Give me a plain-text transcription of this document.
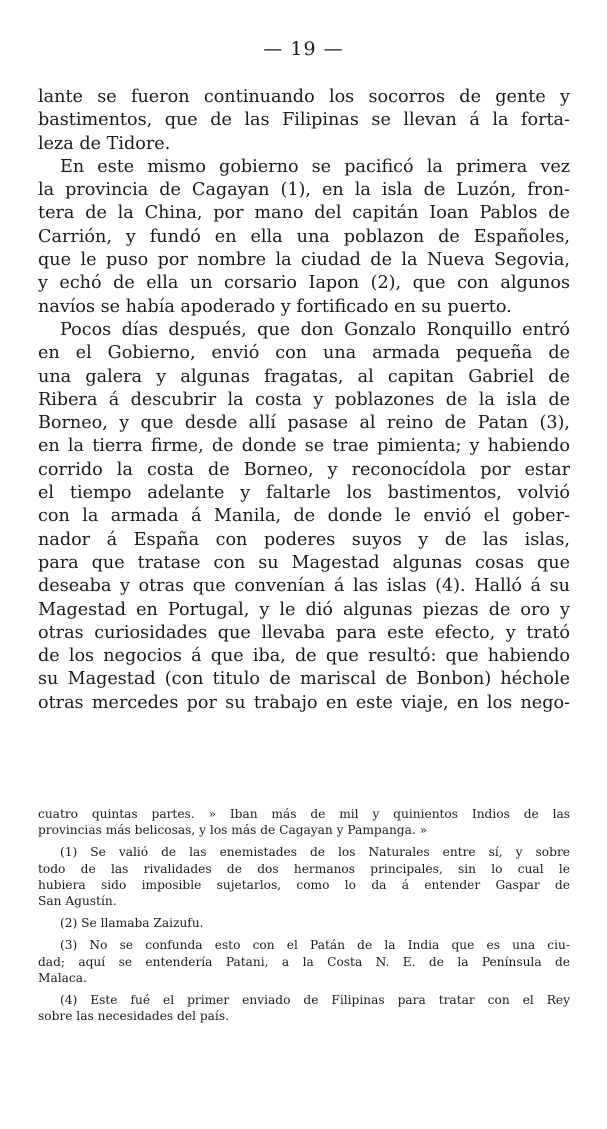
— 19 —
lante se fueron continuando los socorros de gente y
bastimentos, que de las Filipinas se llevan á la forta-
leza de Tidore.
En este mismo gobierno se pacificó la primera vez
la provincia de Cagayan (1), en la isla de Luzón, fron-
tera de la China, por mano del capitán Ioan Pablos de
Carrión, y fundó en ella una poblazon de Españoles,
que le puso por nombre la ciudad de la Nueva Segovia,
y echó de ella un corsario Iapon (2), que con algunos
navíos se había apoderado y fortificado en su puerto.
Pocos días después, que don Gonzalo Ronquillo entró
en el Gobierno, envió con una armada pequeña de
una galera y algunas fragatas, al capitan Gabriel de
Ribera á descubrir la costa y poblazones de la isla de
Borneo, y que desde allí pasase al reino de Patan (3),
en la tierra firme, de donde se trae pimienta; y habiendo
corrido la costa de Borneo, y reconocídola por estar
el tiempo adelante y faltarle los bastimentos, volvió
con la armada á Manila, de donde le envió el gober-
nador á España con poderes suyos y de las islas,
para que tratase con su Magestad algunas cosas que
deseaba y otras que convenían á las islas (4). Halló á su
Magestad en Portugal, y le dió algunas piezas de oro y
otras curiosidades que llevaba para este efecto, y trató
de los negocios á que iba, de que resultó: que habiendo
su Magestad (con titulo de mariscal de Bonbon) héchole
otras mercedes por su trabajo en este viaje, en los nego-
cuatro quintas partes. » Iban más de mil y quinientos Indios de las
provincias más belicosas, y los más de Cagayan y Pampanga. »
(1) Se valió de las enemistades de los Naturales entre sí, y sobre
todo de las rivalidades de dos hermanos principales, sin lo cual le
hubiera sido imposible sujetarlos, como lo da á entender Gaspar de
San Agustín.
(2) Se llamaba Zaizufu.
(3) No se confunda esto con el Patán de la India que es una ciu-
dad; aquí se entendería Patani, a la Costa N. E. de la Península de
Malaca.
(4) Este fué el primer enviado de Filipinas para tratar con el Rey
sobre las necesidades del país.
